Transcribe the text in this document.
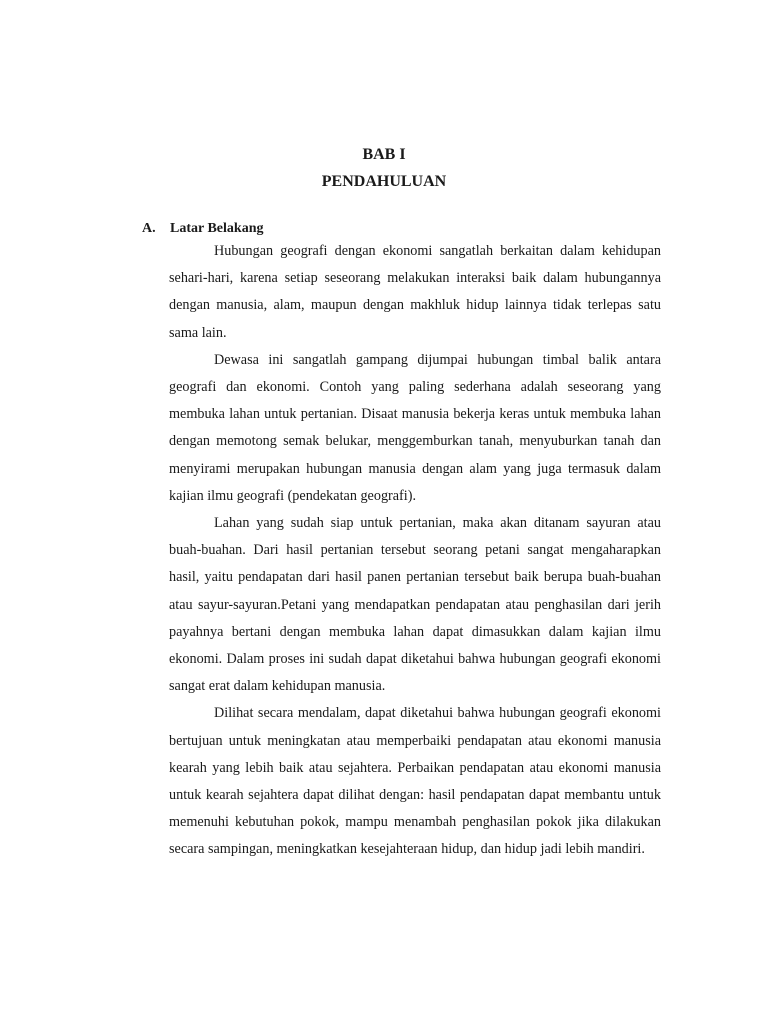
BAB I
PENDAHULUAN
A.	Latar Belakang

Hubungan geografi dengan ekonomi sangatlah berkaitan dalam kehidupan sehari-hari, karena setiap seseorang melakukan interaksi baik dalam hubungannya dengan manusia, alam, maupun dengan makhluk hidup lainnya tidak terlepas satu sama lain.

Dewasa ini sangatlah gampang dijumpai hubungan timbal balik antara geografi dan ekonomi. Contoh yang paling sederhana adalah seseorang yang membuka lahan untuk pertanian. Disaat manusia bekerja keras untuk membuka lahan dengan memotong semak belukar, menggemburkan tanah, menyuburkan tanah dan menyirami merupakan hubungan manusia dengan alam yang juga termasuk dalam kajian ilmu geografi (pendekatan geografi).

Lahan yang sudah siap untuk pertanian, maka akan ditanam sayuran atau buah-buahan. Dari hasil pertanian tersebut seorang petani sangat mengaharapkan hasil, yaitu pendapatan dari hasil panen pertanian tersebut baik berupa buah-buahan atau sayur-sayuran.Petani yang mendapatkan pendapatan atau penghasilan dari jerih payahnya bertani dengan membuka lahan dapat dimasukkan dalam kajian ilmu ekonomi. Dalam proses ini sudah dapat diketahui bahwa hubungan geografi ekonomi sangat erat dalam kehidupan manusia.

Dilihat secara mendalam, dapat diketahui bahwa hubungan geografi ekonomi bertujuan untuk meningkatan atau memperbaiki pendapatan atau ekonomi manusia kearah yang lebih baik atau sejahtera. Perbaikan pendapatan atau ekonomi manusia untuk kearah sejahtera dapat dilihat dengan: hasil pendapatan dapat membantu untuk memenuhi kebutuhan pokok, mampu menambah penghasilan pokok jika dilakukan secara sampingan, meningkatkan kesejahteraan hidup, dan hidup jadi lebih mandiri.
